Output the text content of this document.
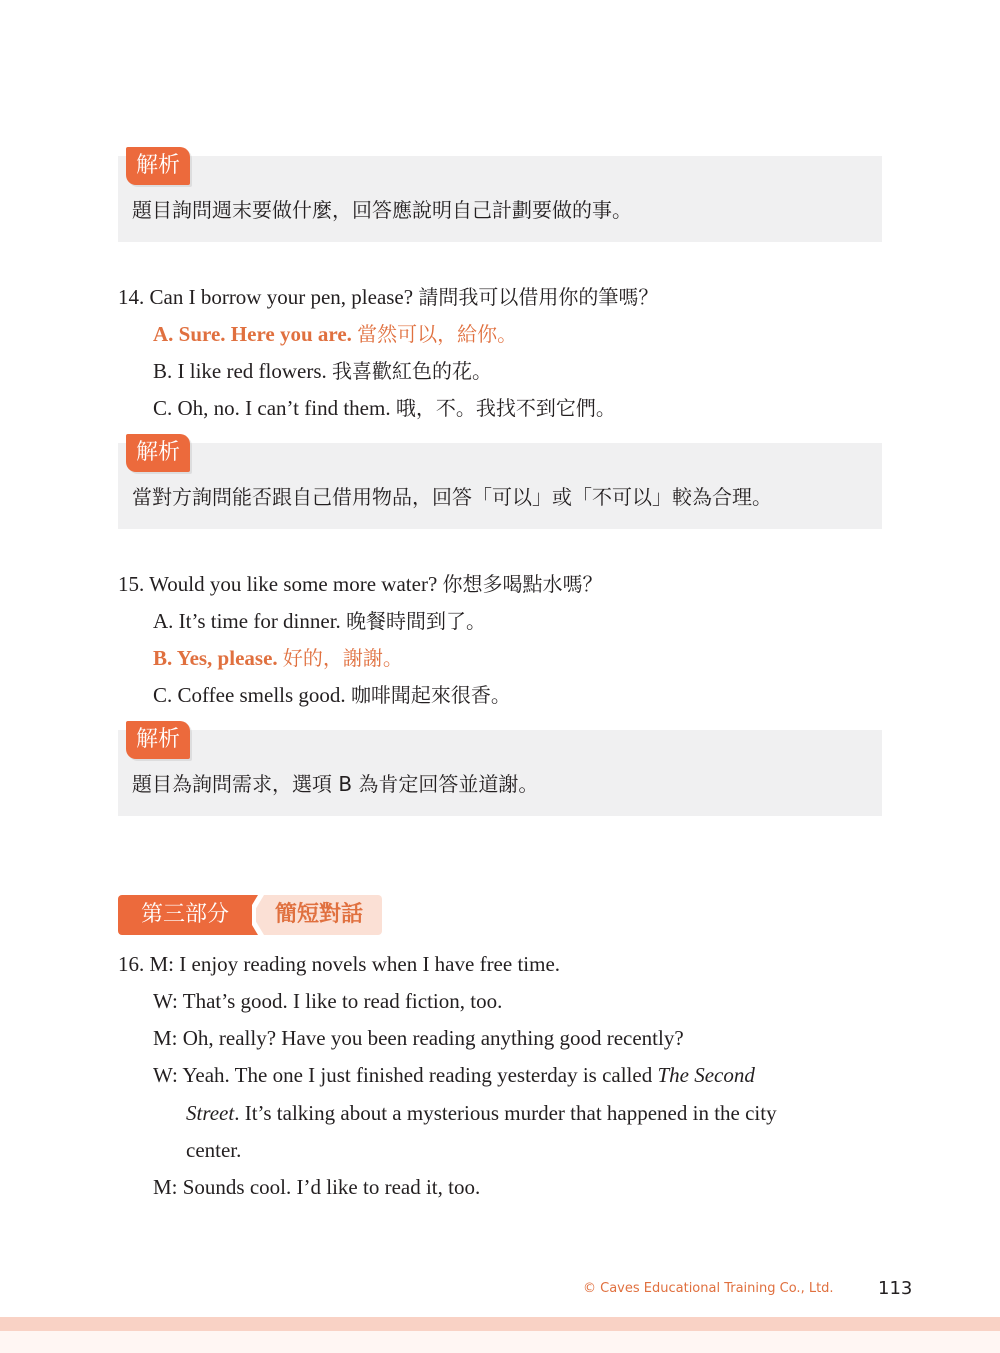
解析
題目詢問週末要做什麼，回答應說明自己計劃要做的事。
14. Can I borrow your pen, please? 請問我可以借用你的筆嗎？
A. Sure. Here you are. 當然可以，給你。
B. I like red flowers. 我喜歡紅色的花。
C. Oh, no. I can’t find them. 哦，不。我找不到它們。
解析
當對方詢問能否跟自己借用物品，回答「可以」或「不可以」較為合理。
15. Would you like some more water? 你想多喝點水嗎？
A. It’s time for dinner. 晚餐時間到了。
B. Yes, please. 好的，謝謝。
C. Coffee smells good. 咖啡聞起來很香。
解析
題目為詢問需求，選項 B 為肯定回答並道謝。
簡短對話
第三部分
16. M: I enjoy reading novels when I have free time.
W: That’s good. I like to read fiction, too.
M: Oh, really? Have you been reading anything good recently?
W: Yeah. The one I just finished reading yesterday is called The Second
Street. It’s talking about a mysterious murder that happened in the city
center.
M: Sounds cool. I’d like to read it, too.
© Caves Educational Training Co., Ltd. 113
